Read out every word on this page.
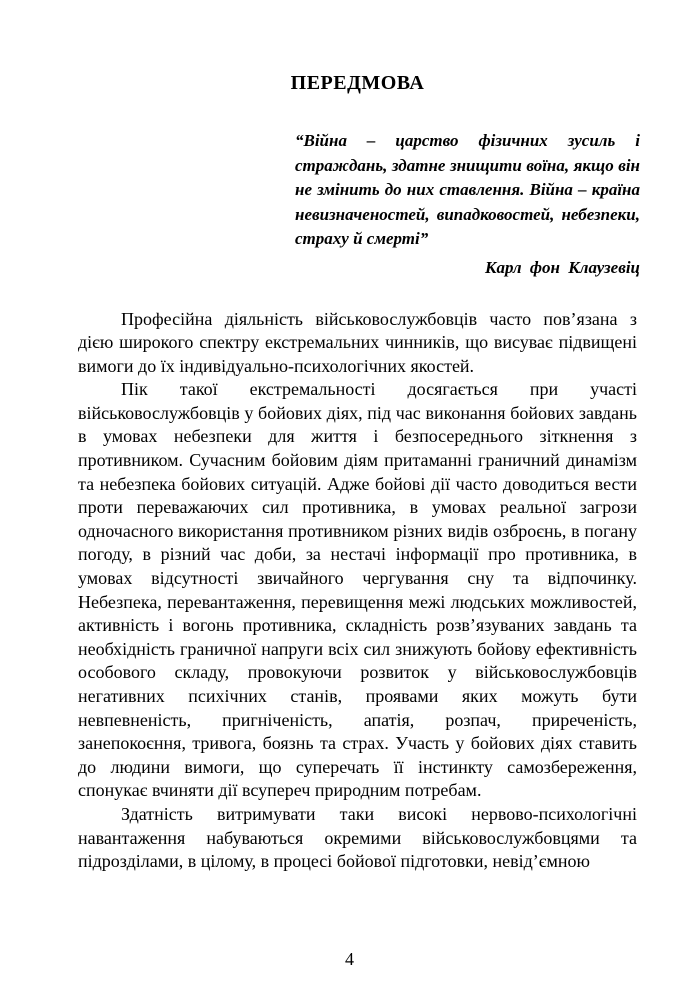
ПЕРЕДМОВА

“Війна – царство фізичних зусиль і страждань, здатне знищити воїна, якщо він не змінить до них ставлення. Війна – країна невизначеностей, випадковостей, небезпеки, страху й смерті”

Карл фон Клаузевіц

Професійна діяльність військовослужбовців часто пов’язана з дією широкого спектру екстремальних чинників, що висуває підвищені вимоги до їх індивідуально-психологічних якостей.

Пік такої екстремальності досягається при участі військовослужбовців у бойових діях, під час виконання бойових завдань в умовах небезпеки для життя і безпосереднього зіткнення з противником. Сучасним бойовим діям притаманні граничний динамізм та небезпека бойових ситуацій. Адже бойові дії часто доводиться вести проти переважаючих сил противника, в умовах реальної загрози одночасного використання противником різних видів озброєнь, в погану погоду, в різний час доби, за нестачі інформації про противника, в умовах відсутності звичайного чергування сну та відпочинку. Небезпека, перевантаження, перевищення межі людських можливостей, активність і вогонь противника, складність розв’язуваних завдань та необхідність граничної напруги всіх сил знижують бойову ефективність особового складу, провокуючи розвиток у військовослужбовців негативних психічних станів, проявами яких можуть бути невпевненість, пригніченість, апатія, розпач, приреченість, занепокоєння, тривога, боязнь та страх. Участь у бойових діях ставить до людини вимоги, що суперечать її інстинкту самозбереження, спонукає вчиняти дії всупереч природним потребам.

Здатність витримувати таки високі нервово-психологічні навантаження набуваються окремими військовослужбовцями та підрозділами, в цілому, в процесі бойової підготовки, невід’ємною

4
